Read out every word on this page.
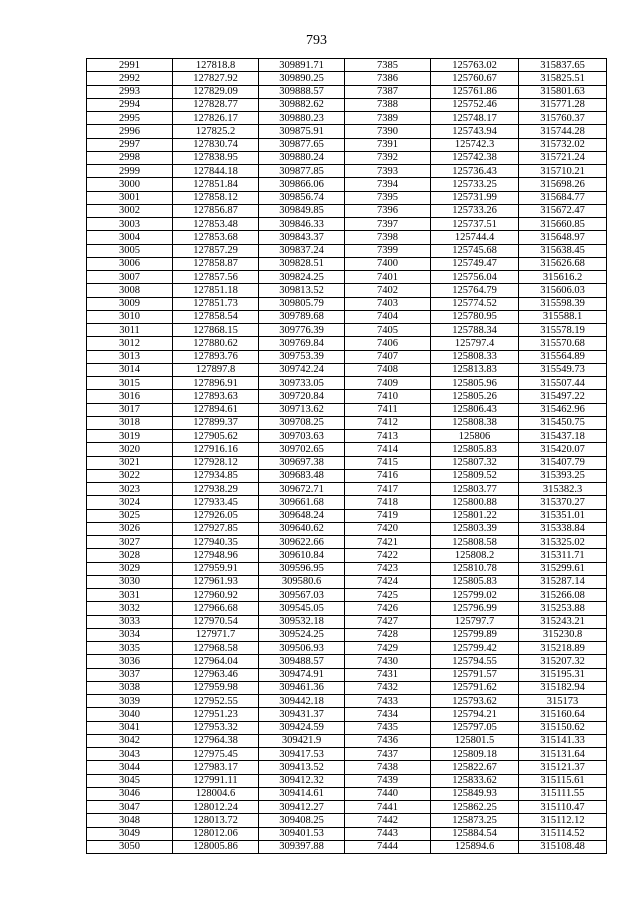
793
2991	127818.8	309891.71	7385	125763.02	315837.65
2992	127827.92	309890.25	7386	125760.67	315825.51
2993	127829.09	309888.57	7387	125761.86	315801.63
2994	127828.77	309882.62	7388	125752.46	315771.28
2995	127826.17	309880.23	7389	125748.17	315760.37
2996	127825.2	309875.91	7390	125743.94	315744.28
2997	127830.74	309877.65	7391	125742.3	315732.02
2998	127838.95	309880.24	7392	125742.38	315721.24
2999	127844.18	309877.85	7393	125736.43	315710.21
3000	127851.84	309866.06	7394	125733.25	315698.26
3001	127858.12	309856.74	7395	125731.99	315684.77
3002	127856.87	309849.85	7396	125733.26	315672.47
3003	127853.48	309846.33	7397	125737.51	315660.85
3004	127853.68	309843.37	7398	125744.4	315648.97
3005	127857.29	309837.24	7399	125745.68	315638.45
3006	127858.87	309828.51	7400	125749.47	315626.68
3007	127857.56	309824.25	7401	125756.04	315616.2
3008	127851.18	309813.52	7402	125764.79	315606.03
3009	127851.73	309805.79	7403	125774.52	315598.39
3010	127858.54	309789.68	7404	125780.95	315588.1
3011	127868.15	309776.39	7405	125788.34	315578.19
3012	127880.62	309769.84	7406	125797.4	315570.68
3013	127893.76	309753.39	7407	125808.33	315564.89
3014	127897.8	309742.24	7408	125813.83	315549.73
3015	127896.91	309733.05	7409	125805.96	315507.44
3016	127893.63	309720.84	7410	125805.26	315497.22
3017	127894.61	309713.62	7411	125806.43	315462.96
3018	127899.37	309708.25	7412	125808.38	315450.75
3019	127905.62	309703.63	7413	125806	315437.18
3020	127916.16	309702.65	7414	125805.83	315420.07
3021	127928.12	309697.38	7415	125807.32	315407.79
3022	127934.85	309683.48	7416	125809.52	315393.25
3023	127938.29	309672.71	7417	125803.77	315382.3
3024	127933.45	309661.68	7418	125800.88	315370.27
3025	127926.05	309648.24	7419	125801.22	315351.01
3026	127927.85	309640.62	7420	125803.39	315338.84
3027	127940.35	309622.66	7421	125808.58	315325.02
3028	127948.96	309610.84	7422	125808.2	315311.71
3029	127959.91	309596.95	7423	125810.78	315299.61
3030	127961.93	309580.6	7424	125805.83	315287.14
3031	127960.92	309567.03	7425	125799.02	315266.08
3032	127966.68	309545.05	7426	125796.99	315253.88
3033	127970.54	309532.18	7427	125797.7	315243.21
3034	127971.7	309524.25	7428	125799.89	315230.8
3035	127968.58	309506.93	7429	125799.42	315218.89
3036	127964.04	309488.57	7430	125794.55	315207.32
3037	127963.46	309474.91	7431	125791.57	315195.31
3038	127959.98	309461.36	7432	125791.62	315182.94
3039	127952.55	309442.18	7433	125793.62	315173
3040	127951.23	309431.37	7434	125794.21	315160.64
3041	127953.32	309424.59	7435	125797.05	315150.62
3042	127964.38	309421.9	7436	125801.5	315141.33
3043	127975.45	309417.53	7437	125809.18	315131.64
3044	127983.17	309413.52	7438	125822.67	315121.37
3045	127991.11	309412.32	7439	125833.62	315115.61
3046	128004.6	309414.61	7440	125849.93	315111.55
3047	128012.24	309412.27	7441	125862.25	315110.47
3048	128013.72	309408.25	7442	125873.25	315112.12
3049	128012.06	309401.53	7443	125884.54	315114.52
3050	128005.86	309397.88	7444	125894.6	315108.48
